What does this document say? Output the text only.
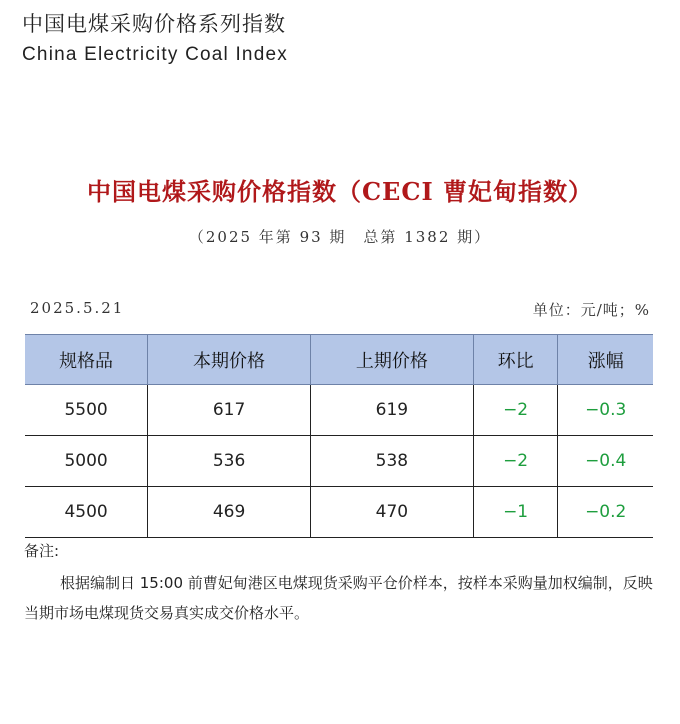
中国电煤采购价格系列指数
China Electricity Coal Index
中国电煤采购价格指数（CECI 曹妃甸指数）
（2025 年第 93 期　总第 1382 期）
2025.5.21	单位：元/吨；%
规格品	本期价格	上期价格	环比	涨幅
5500	617	619	−2	−0.3
5000	536	538	−2	−0.4
4500	469	470	−1	−0.2
备注:

根据编制日 15:00 前曹妃甸港区电煤现货采购平仓价样本，按样本采购量加权编制，反映当期市场电煤现货交易真实成交价格水平。
